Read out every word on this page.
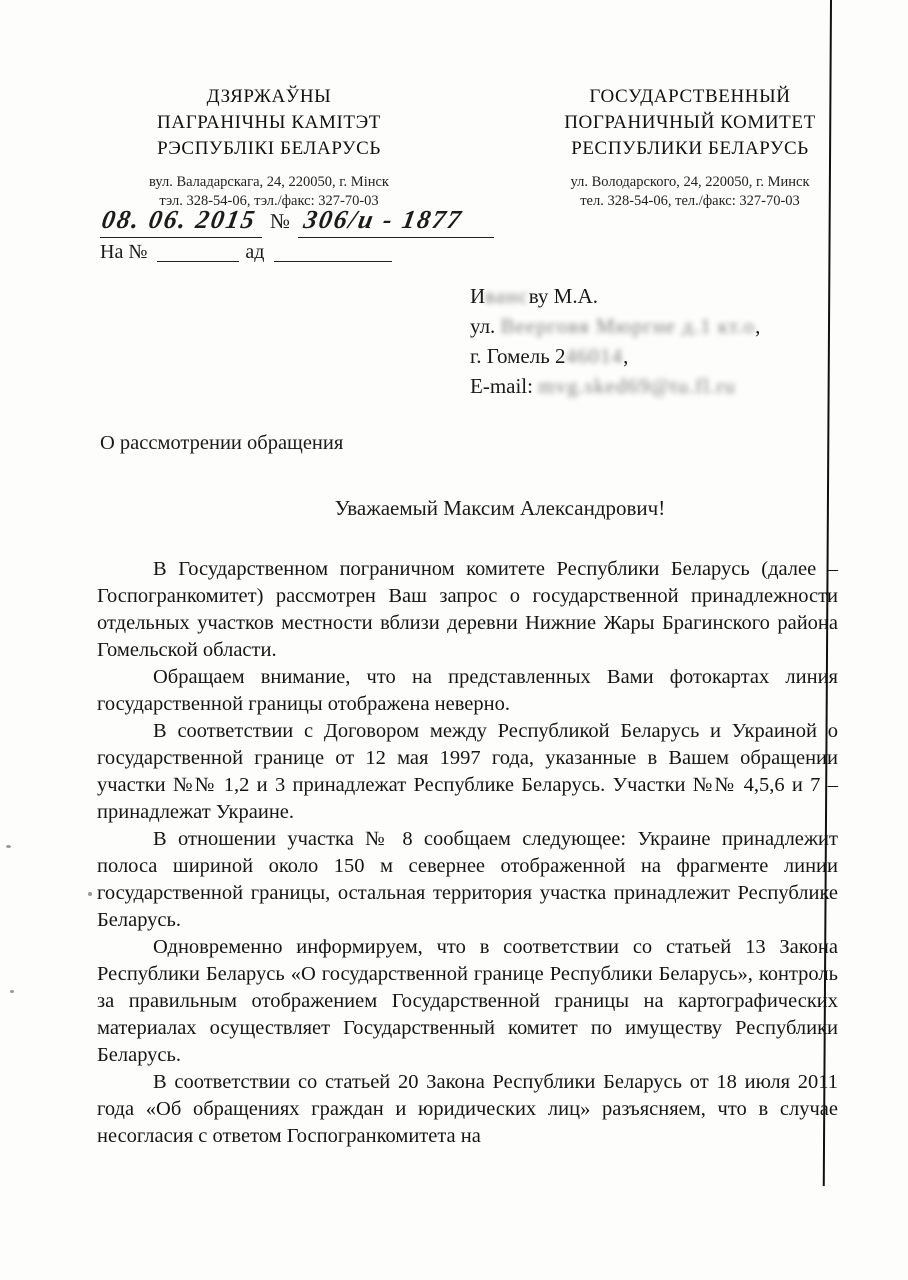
ДЗЯРЖАЎНЫ
ПАГРАНІЧНЫ КАМІТЭТ
РЭСПУБЛІКІ БЕЛАРУСЬ
вул. Валадарскага, 24, 220050, г. Мінск
тэл. 328-54-06, тэл./факс: 327-70-03
ГОСУДАРСТВЕННЫЙ
ПОГРАНИЧНЫЙ КОМИТЕТ
РЕСПУБЛИКИ БЕЛАРУСЬ
ул. Володарского, 24, 220050, г. Минск
тел. 328-54-06, тел./факс: 327-70-03
08. 06. 2015 № 306/и - 1877
На №	ад
Ивансву М.А.
ул. Веерговя Мюргне д.1 кт.о,
г. Гомель 246014,
E-mail: mvg.sked69@tu.fl.ru
О рассмотрении обращения
Уважаемый Максим Александрович!

В Государственном пограничном комитете Республики Беларусь (далее – Госпогранкомитет) рассмотрен Ваш запрос о государственной принадлежности отдельных участков местности вблизи деревни Нижние Жары Брагинского района Гомельской области.

Обращаем внимание, что на представленных Вами фотокартах линия государственной границы отображена неверно.

В соответствии с Договором между Республикой Беларусь и Украиной о государственной границе от 12 мая 1997 года, указанные в Вашем обращении участки №№ 1,2 и 3 принадлежат Республике Беларусь. Участки №№ 4,5,6 и 7 – принадлежат Украине.

В отношении участка № 8 сообщаем следующее: Украине принадлежит полоса шириной около 150 м севернее отображенной на фрагменте линии государственной границы, остальная территория участка принадлежит Республике Беларусь.

Одновременно информируем, что в соответствии со статьей 13 Закона Республики Беларусь «О государственной границе Республики Беларусь», контроль за правильным отображением Государственной границы на картографических материалах осуществляет Государственный комитет по имуществу Республики Беларусь.

В соответствии со статьей 20 Закона Республики Беларусь от 18 июля 2011 года «Об обращениях граждан и юридических лиц» разъясняем, что в случае несогласия с ответом Госпогранкомитета на
